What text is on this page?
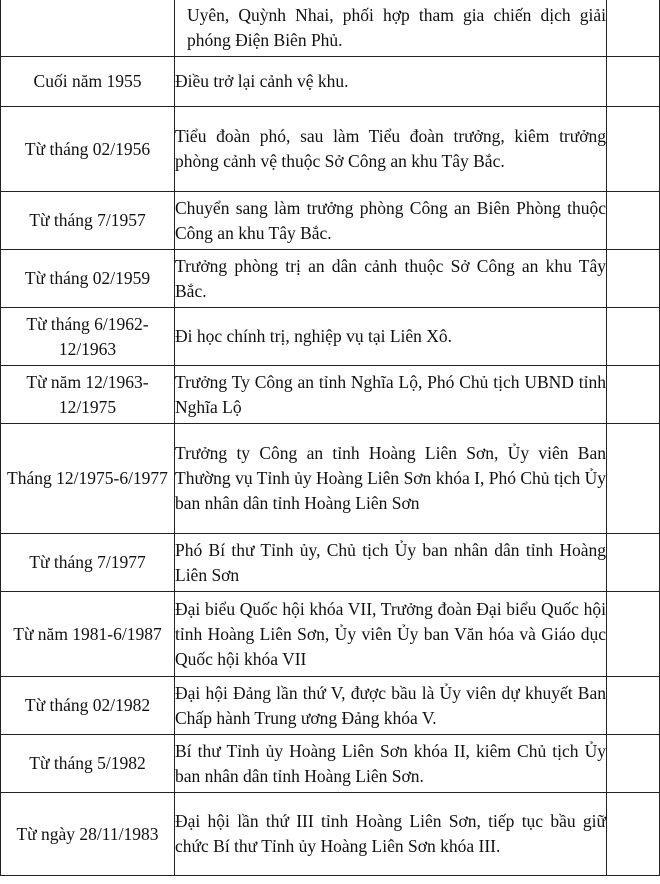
	Uyên, Quỳnh Nhai, phối hợp tham gia chiến dịch giải phóng Điện Biên Phủ.	
Cuối năm 1955	Điều trở lại cảnh vệ khu.	
Từ tháng 02/1956	Tiểu đoàn phó, sau làm Tiểu đoàn trưởng, kiêm trưởng phòng cảnh vệ thuộc Sở Công an khu Tây Bắc.	
Từ tháng 7/1957	Chuyển sang làm trưởng phòng Công an Biên Phòng thuộc Công an khu Tây Bắc.	
Từ tháng 02/1959	Trưởng phòng trị an dân cảnh thuộc Sở Công an khu Tây Bắc.	
Từ tháng 6/1962-12/1963	Đi học chính trị, nghiệp vụ tại Liên Xô.	
Từ năm 12/1963-12/1975	Trưởng Ty Công an tỉnh Nghĩa Lộ, Phó Chủ tịch UBND tỉnh Nghĩa Lộ	
Tháng 12/1975-6/1977	Trưởng ty Công an tỉnh Hoàng Liên Sơn, Ủy viên Ban Thường vụ Tỉnh ủy Hoàng Liên Sơn khóa I, Phó Chủ tịch Ủy ban nhân dân tỉnh Hoàng Liên Sơn	
Từ tháng 7/1977	Phó Bí thư Tỉnh ủy, Chủ tịch Ủy ban nhân dân tỉnh Hoàng Liên Sơn	
Từ năm 1981-6/1987	Đại biểu Quốc hội khóa VII, Trưởng đoàn Đại biểu Quốc hội tỉnh Hoàng Liên Sơn, Ủy viên Ủy ban Văn hóa và Giáo dục Quốc hội khóa VII	
Từ tháng 02/1982	Đại hội Đảng lần thứ V, được bầu là Ủy viên dự khuyết Ban Chấp hành Trung ương Đảng khóa V.	
Từ tháng 5/1982	Bí thư Tỉnh ủy Hoàng Liên Sơn khóa II, kiêm Chủ tịch Ủy ban nhân dân tỉnh Hoàng Liên Sơn.	
Từ ngày 28/11/1983	Đại hội lần thứ III tỉnh Hoàng Liên Sơn, tiếp tục bầu giữ chức Bí thư Tỉnh ủy Hoàng Liên Sơn khóa III.	
